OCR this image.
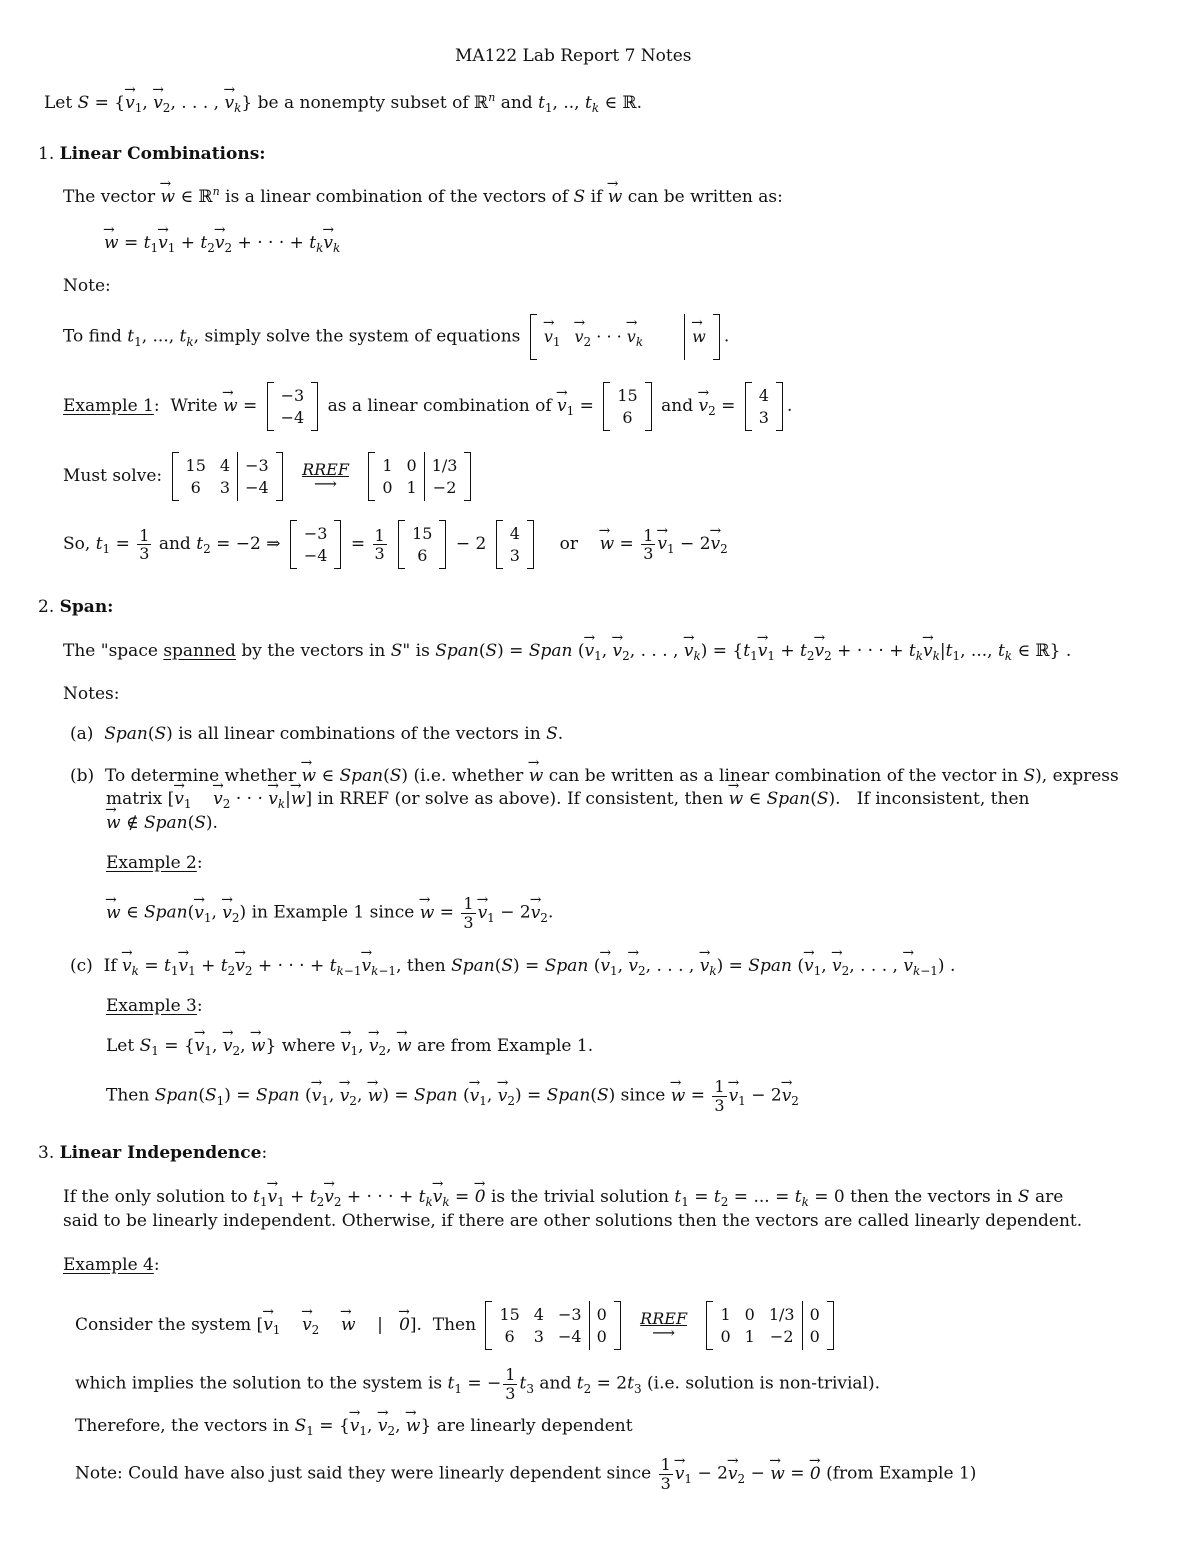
MA122 Lab Report 7 Notes
Let S = {→ $v_1$, → $v_2$, . . . , → $v_k$} be a nonempty subset of ℝ$^n$ and $t_1$, .., $t_k$ ∈ ℝ.
1. Linear Combinations:
The vector → w ∈ ℝ$^n$ is a linear combination of the vectors of S if → w can be written as:
→ $w = t_1\to v_1 + t_2\to v_2$ + · · · + $t_k\to v_k$
Note:
To find $t_1$, ..., $t_k$, simply solve the system of equations
→ $v_1$
→ $v_2$ · · · → $v_k$
→	w .
Example 1:  Write → w =
−3
−4
as a linear combination of → $v_1$ =
15
6
and → $v_2$ =
4
3
.
Must solve:
15
6
4
3
−3
−4

RREF
⟶

1
0
0
1
1/3
−2
So, $t_1 = \frac{1}{3}$ and $t_2 = -2$ ⇒
−3
−4
= $\frac{1}{3}$
15
6
− 2
4
3
or    → $w = \frac{1}{3}$
→ $v_1 - 2\to v_2$
2. Span:
The "space spanned by the vectors in S" is Span(S) = Span (→ $v_1$, → $v_2$, . . . , → $v_k) = \{t_1\to v_1 + t_2\to v_2$ + · · · + $t_k\to v_k|t_1$, ..., $t_k$ ∈ ℝ} .
Notes:
(a) Span(S) is all linear combinations of the vectors in S.
(b) To determine whether → w ∈ Span(S) (i.e. whether → w can be written as a linear combination of the vector in S), express
matrix [→ $v_1$    → $v_2$ · · · → $v_k|\to w$] in RREF (or solve as above). If consistent, then → w ∈ Span(S).   If inconsistent, then
→ w ∉ Span(S).
Example 2:
→ w ∈ Span(→ $v_1$, → $v_2$) in Example 1 since → $w = \frac{1}{3}$
→ $v_1 - 2\to v_2$.
(c) $If \to v_k = t_1\to v_1 + t_2\to v_2$ + · · · + $t_{k-1}\to v_{k-1}$, then Span(S) = Span (→ $v_1$, → $v_2$, . . . , → $v_k$) = Span (→ $v_1$, → $v_2$, . . . , → $v_{k-1}$) .
Example 3:
Let $S_1$ = {→ $v_1$, → $v_2$, → w} where → $v_1$, → $v_2$, → w are from Example 1.
Then $Span(S_1)$ = Span (→ $v_1$, → $v_2$, → w) = Span (→ $v_1$, → $v_2$) = Span(S) since → $w = \frac{1}{3}$
→ $v_1 - 2\to v_2$
3. Linear Independence:
If the only solution to $t_1\to v_1 + t_2\to v_2$ + · · · + $t_k\to v_k$ = → 0 is the trivial solution $t_1 = t_2$ = ... = $t_k = 0$ then the vectors in S are
said to be linearly independent. Otherwise, if there are other solutions then the vectors are called linearly dependent.
Example 4:
Consider the system [→ $v_1$    → $v_2$    → w    |   → 0].  Then
15
6
4
3
−3
−4
0
0

RREF
⟶

1
0
0
1
1/3
−2
0
0
which implies the solution to the system is $t_1$ = − $\frac{1}{3} t_3$ and $t_2 = 2t_3$ (i.e. solution is non-trivial).
Therefore, the vectors in $S_1$ = {→ $v_1$, → $v_2$, → w} are linearly dependent
Note: Could have also just said they were linearly dependent since $\frac{1}{3}$
→ $v_1 - 2\to v_2$ − → w = → 0 (from Example 1)
